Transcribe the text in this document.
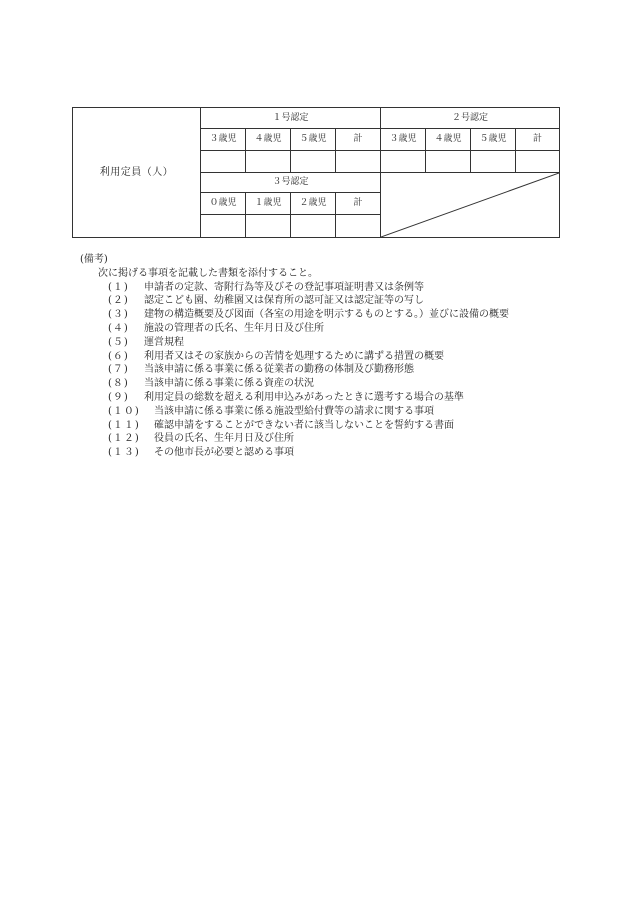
利用定員（人）	１号認定				２号認定			
	３歳児	４歳児	５歳児	計	３歳児	４歳児	５歳児	計

	３号認定	

	０歳児	１歳児	２歳児	計				

(備考)
次に掲げる事項を記載した書類を添付すること。
(１)	申請者の定款、寄附行為等及びその登記事項証明書又は条例等
(２)	認定こども園、幼稚園又は保育所の認可証又は認定証等の写し
(３)	建物の構造概要及び図面（各室の用途を明示するものとする。）並びに設備の概要
(４)	施設の管理者の氏名、生年月日及び住所
(５)	運営規程
(６)	利用者又はその家族からの苦情を処理するために講ずる措置の概要
(７)	当該申請に係る事業に係る従業者の勤務の体制及び勤務形態
(８)	当該申請に係る事業に係る資産の状況
(９)	利用定員の総数を超える利用申込みがあったときに選考する場合の基準
(１０)	当該申請に係る事業に係る施設型給付費等の請求に関する事項
(１１)	確認申請をすることができない者に該当しないことを誓約する書面
(１２)	役員の氏名、生年月日及び住所
(１３)	その他市長が必要と認める事項
